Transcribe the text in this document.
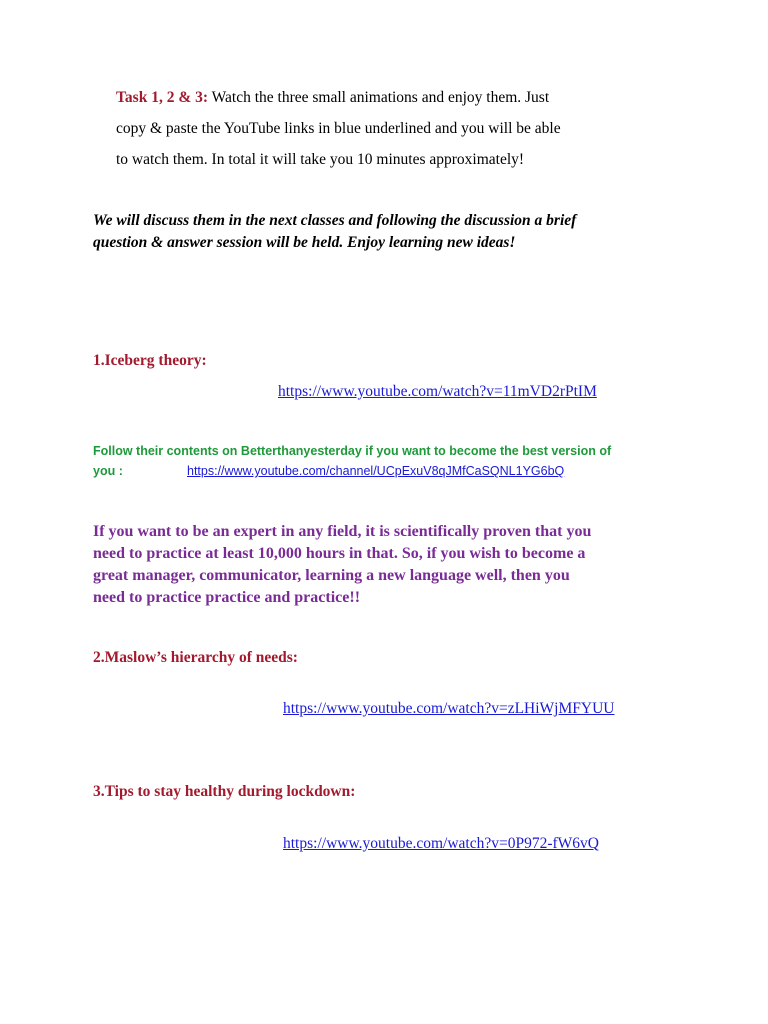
Task 1, 2 & 3: Watch the three small animations and enjoy them. Just
copy & paste the YouTube links in blue underlined and you will be able
to watch them. In total it will take you 10 minutes approximately!
We will discuss them in the next classes and following the discussion a brief
question & answer session will be held. Enjoy learning new ideas!
1.Iceberg theory:
https://www.youtube.com/watch?v=11mVD2rPtIM
Follow their contents on Betterthanyesterday if you want to become the best version of
you :	https://www.youtube.com/channel/UCpExuV8qJMfCaSQNL1YG6bQ
If you want to be an expert in any field, it is scientifically proven that you
need to practice at least 10,000 hours in that. So, if you wish to become a
great manager, communicator, learning a new language well, then you
need to practice practice and practice!!
2.Maslow’s hierarchy of needs:
https://www.youtube.com/watch?v=zLHiWjMFYUU
3.Tips to stay healthy during lockdown:
https://www.youtube.com/watch?v=0P972-fW6vQ
